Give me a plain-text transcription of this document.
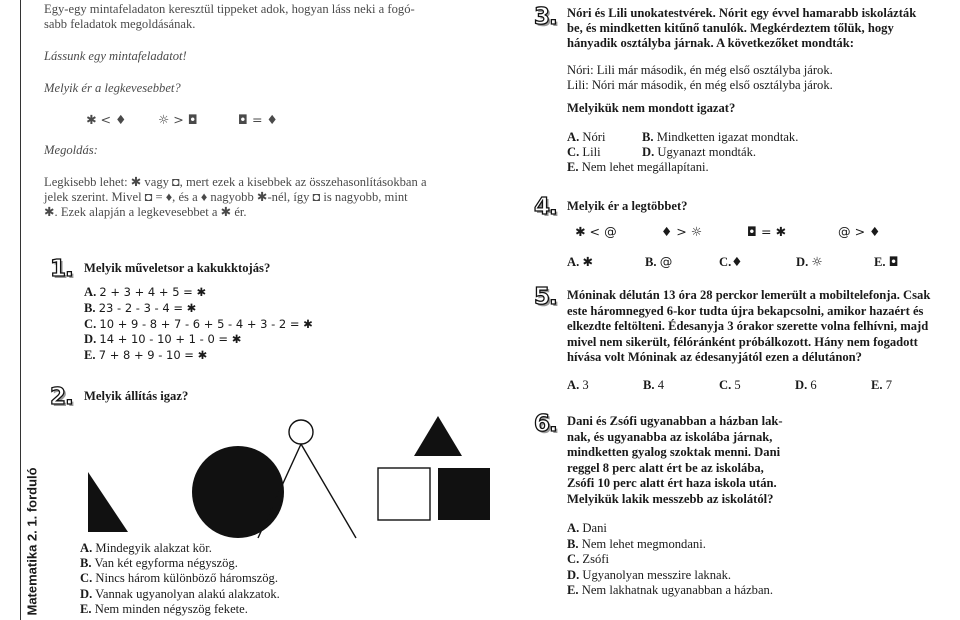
Matematika 2. 1. forduló
Egy-egy mintafeladaton keresztül tippeket adok, hogyan láss neki a fogó-
sabb feladatok megoldásának.
Lássunk egy mintafeladatot!
Melyik ér a legkevesebbet?
✱ < ♦	☼ > ◘	◘ = ♦
Megoldás:
Legkisebb lehet: ✱ vagy ◘, mert ezek a kisebbek az összehasonlításokban a
jelek szerint. Mivel ◘ = ♦, és a ♦ nagyobb ✱-nél, így ◘ is nagyobb, mint
✱. Ezek alapján a legkevesebbet a ✱ ér.
1. Melyik műveletsor a kakukktojás?
A. 2 + 3 + 4 + 5 = ✱
B. 23 - 2 - 3 - 4 = ✱
C. 10 + 9 - 8 + 7 - 6 + 5 - 4 + 3 - 2 = ✱
D. 14 + 10 - 10 + 1 - 0 = ✱
E. 7 + 8 + 9 - 10 = ✱
2. Melyik állítás igaz?
A. Mindegyik alakzat kör.
B. Van két egyforma négyszög.
C. Nincs három különböző háromszög.
D. Vannak ugyanolyan alakú alakzatok.
E. Nem minden négyszög fekete.
3. Nóri és Lili unokatestvérek. Nórit egy évvel hamarabb iskolázták
be, és mindketten kitűnő tanulók. Megkérdeztem tőlük, hogy
hányadik osztályba járnak. A következőket mondták:
Nóri: Lili már második, én még első osztályba járok.
Lili: Nóri már második, én még első osztályba járok.
Melyikük nem mondott igazat?
A. Nóri	B. Mindketten igazat mondtak.
C. Lili	D. Ugyanazt mondták.
E. Nem lehet megállapítani.
4. Melyik ér a legtöbbet?
✱ < @	♦ > ☼	◘ = ✱	@ > ♦
A. ✱	B. @	C.♦	D. ☼	E. ◘
5. Móninak délután 13 óra 28 perckor lemerült a mobiltelefonja. Csak
este háromnegyed 6-kor tudta újra bekapcsolni, amikor hazaért és
elkezdte feltölteni. Édesanyja 3 órakor szerette volna felhívni, majd
mivel nem sikerült, félóránként próbálkozott. Hány nem fogadott
hívása volt Móninak az édesanyjától ezen a délutánon?
A. 3	B. 4	C. 5	D. 6	E. 7
6. Dani és Zsófi ugyanabban a házban lak-
nak, és ugyanabba az iskolába járnak,
mindketten gyalog szoktak menni. Dani
reggel 8 perc alatt ért be az iskolába,
Zsófi 10 perc alatt ért haza iskola után.
Melyikük lakik messzebb az iskolától?
A. Dani
B. Nem lehet megmondani.
C. Zsófi
D. Ugyanolyan messzire laknak.
E. Nem lakhatnak ugyanabban a házban.
